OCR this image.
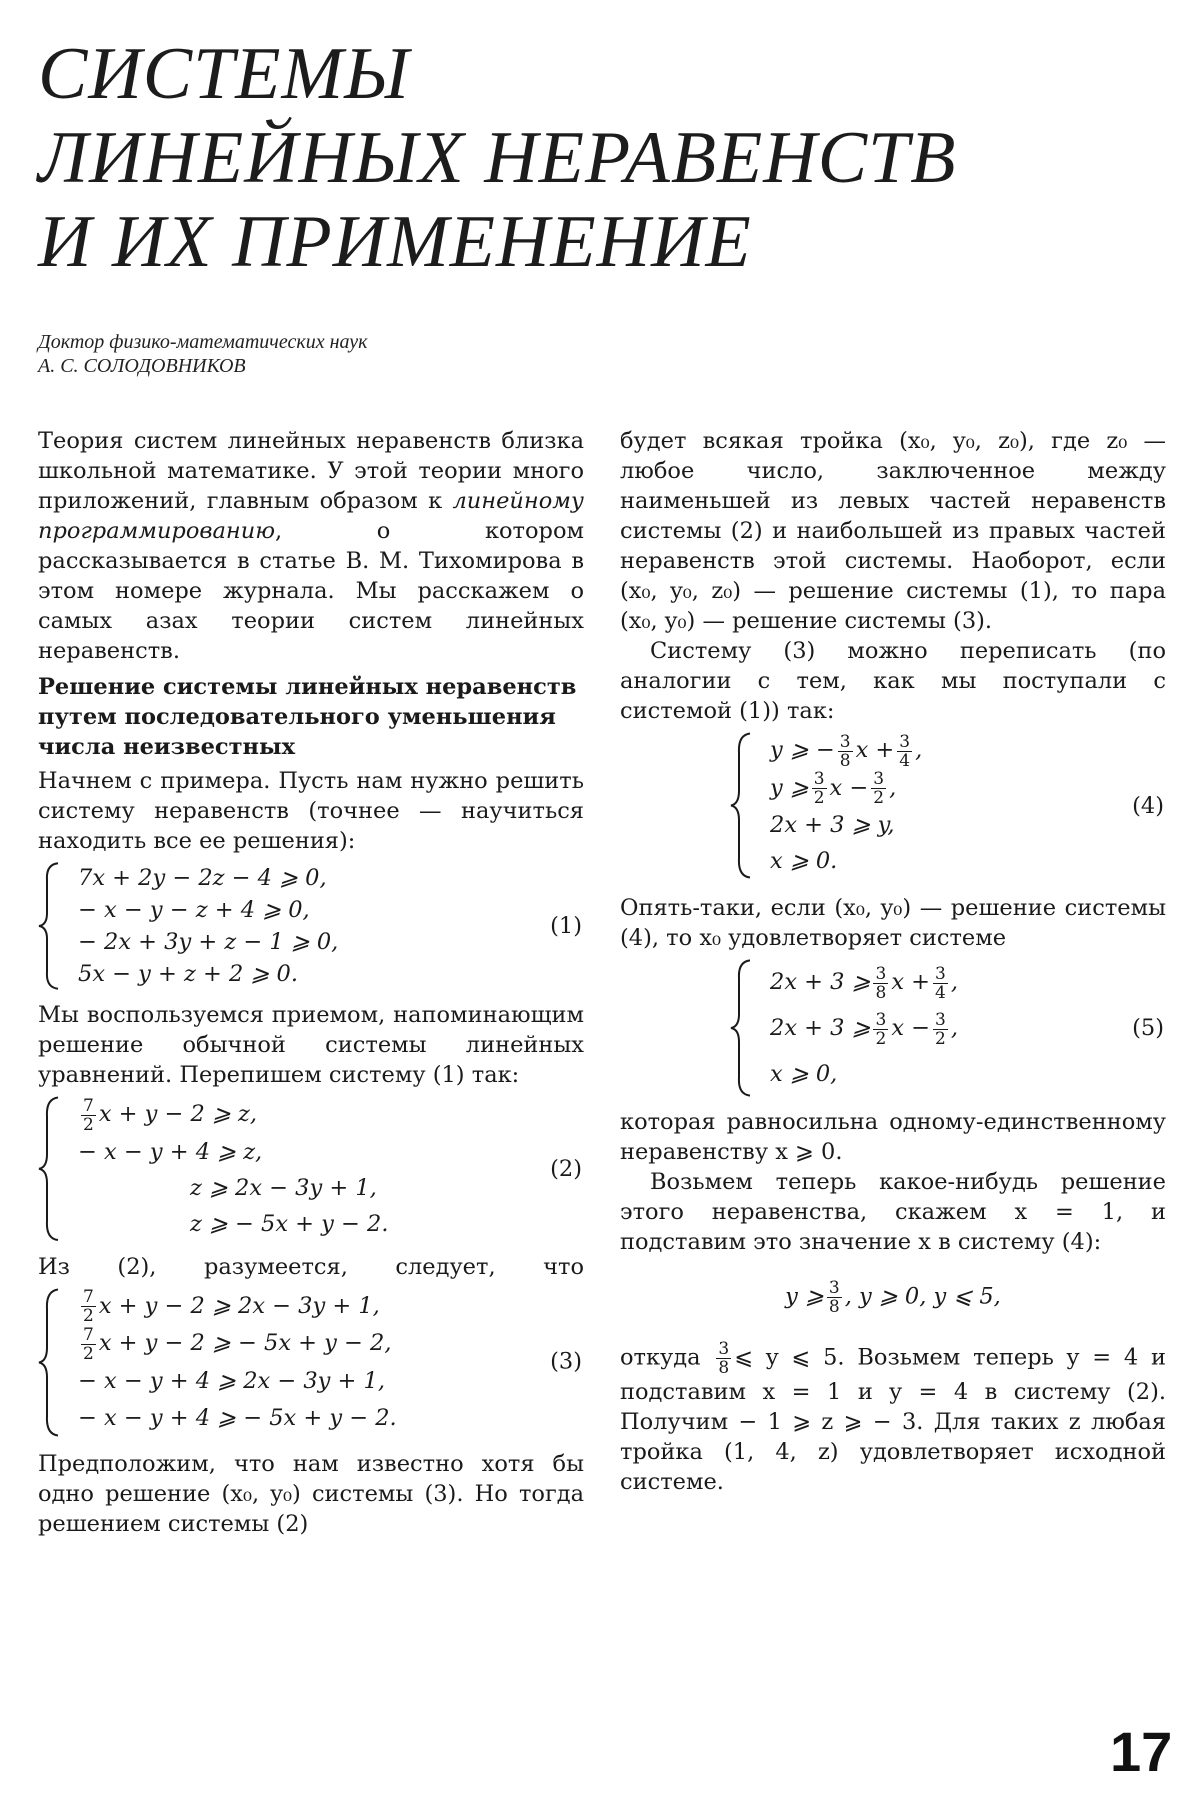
СИСТЕМЫ
ЛИНЕЙНЫХ НЕРАВЕНСТВ
И ИХ ПРИМЕНЕНИЕ
Доктор физико-математических наук
А. С. СОЛОДОВНИКОВ

Теория систем линейных неравенств близка школьной математике. У этой теории много приложений, главным образом к линейному программированию, о котором рассказывается в статье В. М. Тихомирова в этом номере журнала. Мы расскажем о самых азах теории систем линейных неравенств.

Решение системы линейных неравенств путем последовательного уменьшения числа неизвестных

Начнем с примера. Пусть нам нужно решить систему неравенств (точнее — научиться находить все ее решения):

7x + 2y − 2z − 4 ⩾ 0,
− x − y − z + 4 ⩾ 0,
− 2x + 3y + z − 1 ⩾ 0,
5x − y + z + 2 ⩾ 0.
(1)

Мы воспользуемся приемом, напоминающим решение обычной системы линейных уравнений. Перепишем систему (1) так:

$\frac{7}{2}$ x + y − 2 ⩾ z,
− x − y + 4 ⩾ z,
z ⩾ 2x − 3y + 1,
z ⩾ − 5x + y − 2.
(2)

Из (2), разумеется, следует, что

$\frac{7}{2}$ x + y − 2 ⩾ 2x − 3y + 1,
$\frac{7}{2}$ x + y − 2 ⩾ − 5x + y − 2,
− x − y + 4 ⩾ 2x − 3y + 1,
− x − y + 4 ⩾ − 5x + y − 2.
(3)

Предположим, что нам известно хотя бы одно решение (x₀, y₀) системы (3). Но тогда решением системы (2)

будет всякая тройка (x₀, y₀, z₀), где z₀ — любое число, заключенное между наименьшей из левых частей неравенств системы (2) и наибольшей из правых частей неравенств этой системы. Наоборот, если (x₀, y₀, z₀) — решение системы (1), то пара (x₀, y₀) — решение системы (3).

Систему (3) можно переписать (по аналогии с тем, как мы поступали с системой (1)) так:

y ⩾ − $\frac{3}{8}$ $x + \frac{3}{4}$ ,
y ⩾ $\frac{3}{2}$ $x - \frac{3}{2}$ ,
2x + 3 ⩾ y,
x ⩾ 0.
(4)

Опять-таки, если (x₀, y₀) — решение системы (4), то x₀ удовлетворяет системе

2x + 3 ⩾ $\frac{3}{8}$ $x + \frac{3}{4}$ ,
2x + 3 ⩾ $\frac{3}{2}$ $x - \frac{3}{2}$ ,
x ⩾ 0,
(5)

которая равносильна одному-единственному неравенству x ⩾ 0.

Возьмем теперь какое-нибудь решение этого неравенства, скажем x = 1, и подставим это значение x в систему (4):

y ⩾ $\frac{3}{8}$ , y ⩾ 0, y ⩽ 5,

откуда $\frac{3}{8}$ ⩽ y ⩽ 5. Возьмем теперь y = 4 и подставим x = 1 и y = 4 в систему (2). Получим − 1 ⩾ z ⩾ − 3. Для таких z любая тройка (1, 4, z) удовлетворяет исходной системе.

17
